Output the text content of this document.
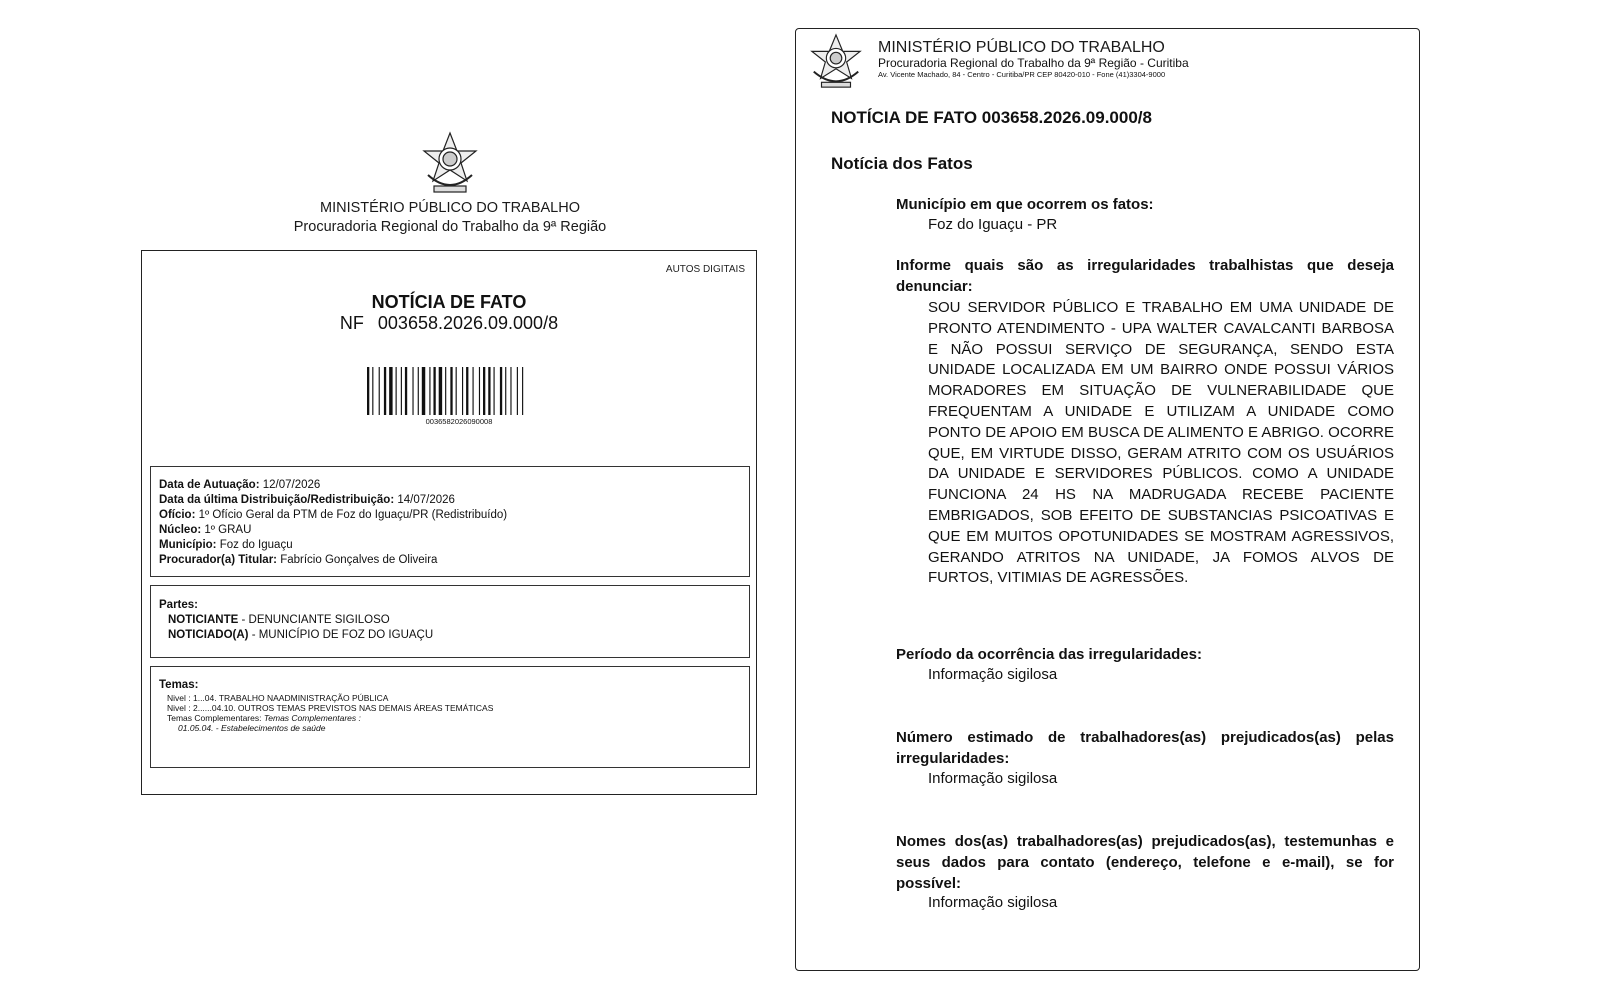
MINISTÉRIO PÚBLICO DO TRABALHO
Procuradoria Regional do Trabalho da 9ª Região
AUTOS DIGITAIS
NOTÍCIA DE FATO
NF 003658.2026.09.000/8
0036582026090008
Data de Autuação: 12/07/2026
Data da última Distribuição/Redistribuição: 14/07/2026
Ofício: 1º Ofício Geral da PTM de Foz do Iguaçu/PR (Redistribuído)
Núcleo: 1º GRAU
Município: Foz do Iguaçu
Procurador(a) Titular: Fabrício Gonçalves de Oliveira
Partes:
NOTICIANTE - DENUNCIANTE SIGILOSO
NOTICIADO(A) - MUNICÍPIO DE FOZ DO IGUAÇU
Temas:
Nivel : 1...04. TRABALHO NAADMINISTRAÇÃO PÚBLICA
Nivel : 2......04.10. OUTROS TEMAS PREVISTOS NAS DEMAIS ÁREAS TEMÁTICAS
Temas Complementares: Temas Complementares :
01.05.04. - Estabelecimentos de saúde
MINISTÉRIO PÚBLICO DO TRABALHO
Procuradoria Regional do Trabalho da 9ª Região - Curitiba
Av. Vicente Machado, 84 - Centro - Curitiba/PR CEP 80420-010 - Fone (41)3304-9000
NOTÍCIA DE FATO 003658.2026.09.000/8
Notícia dos Fatos
Município em que ocorrem os fatos:
Foz do Iguaçu - PR
Informe quais são as irregularidades trabalhistas que deseja denunciar:
SOU SERVIDOR PÚBLICO E TRABALHO EM UMA UNIDADE DE PRONTO ATENDIMENTO - UPA WALTER CAVALCANTI BARBOSA E NÃO POSSUI SERVIÇO DE SEGURANÇA, SENDO ESTA UNIDADE LOCALIZADA EM UM BAIRRO ONDE POSSUI VÁRIOS MORADORES EM SITUAÇÃO DE VULNERABILIDADE QUE FREQUENTAM A UNIDADE E UTILIZAM A UNIDADE COMO PONTO DE APOIO EM BUSCA DE ALIMENTO E ABRIGO. OCORRE QUE, EM VIRTUDE DISSO, GERAM ATRITO COM OS USUÁRIOS DA UNIDADE E SERVIDORES PÚBLICOS. COMO A UNIDADE FUNCIONA 24 HS NA MADRUGADA RECEBE PACIENTE EMBRIGADOS, SOB EFEITO DE SUBSTANCIAS PSICOATIVAS E QUE EM MUITOS OPOTUNIDADES SE MOSTRAM AGRESSIVOS, GERANDO ATRITOS NA UNIDADE, JA FOMOS ALVOS DE FURTOS, VITIMIAS DE AGRESSÕES.
Período da ocorrência das irregularidades:
Informação sigilosa
Número estimado de trabalhadores(as) prejudicados(as) pelas irregularidades:
Informação sigilosa
Nomes dos(as) trabalhadores(as) prejudicados(as), testemunhas e seus dados para contato (endereço, telefone e e-mail), se for possível:
Informação sigilosa
